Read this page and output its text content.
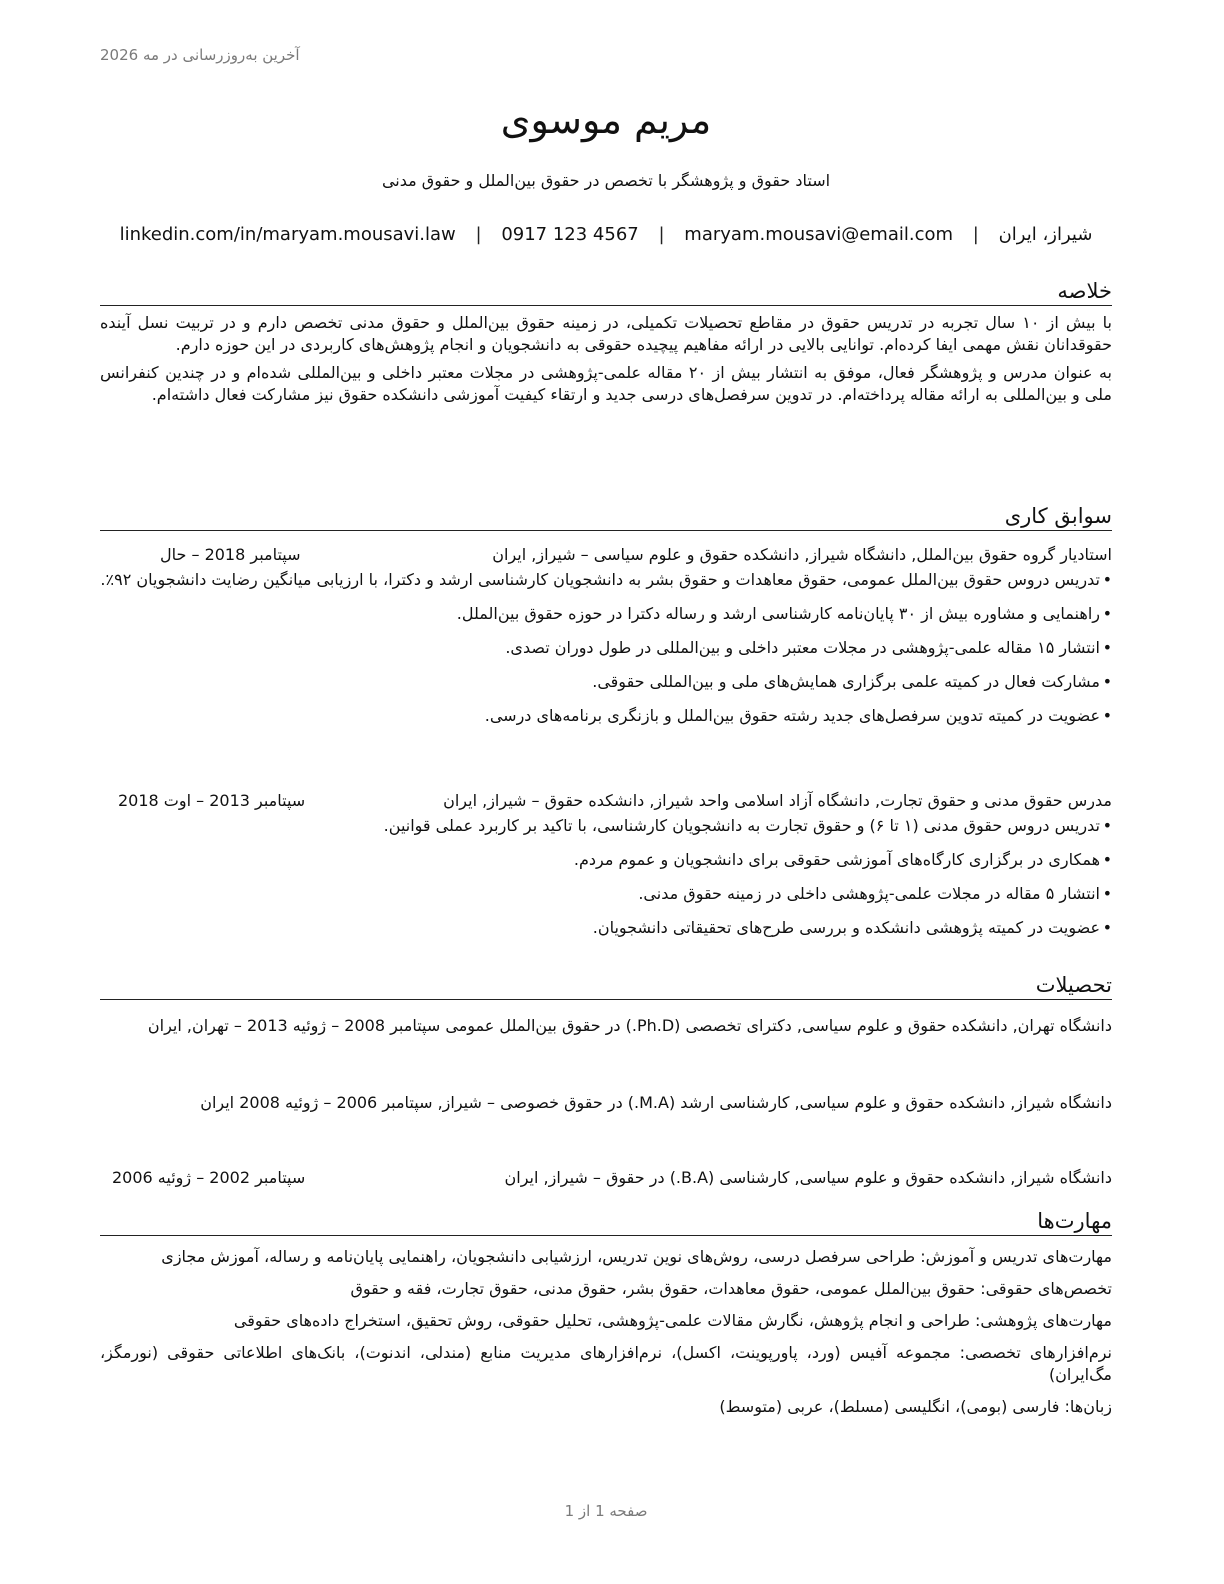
آخرین به‌روزرسانی در مه 2026
مریم موسوی
استاد حقوق و پژوهشگر با تخصص در حقوق بین‌الملل و حقوق مدنی
شیراز، ایران | maryam.mousavi@email.com | 0917 123 4567 | linkedin.com/in/maryam.mousavi.law
خلاصه
با بیش از ۱۰ سال تجربه در تدریس حقوق در مقاطع تحصیلات تکمیلی، در زمینه حقوق بین‌الملل و حقوق مدنی تخصص دارم و در تربیت نسل آینده حقوقدانان نقش مهمی ایفا کرده‌ام. توانایی بالایی در ارائه مفاهیم پیچیده حقوقی به دانشجویان و انجام پژوهش‌های کاربردی در این حوزه دارم.
به عنوان مدرس و پژوهشگر فعال، موفق به انتشار بیش از ۲۰ مقاله علمی-پژوهشی در مجلات معتبر داخلی و بین‌المللی شده‌ام و در چندین کنفرانس ملی و بین‌المللی به ارائه مقاله پرداخته‌ام. در تدوین سرفصل‌های درسی جدید و ارتقاء کیفیت آموزشی دانشکده حقوق نیز مشارکت فعال داشته‌ام.
سوابق کاری
استادیار گروه حقوق بین‌الملل, دانشگاه شیراز, دانشکده حقوق و علوم سیاسی – شیراز, ایران
سپتامبر 2018 – حال
• تدریس دروس حقوق بین‌الملل عمومی، حقوق معاهدات و حقوق بشر به دانشجویان کارشناسی ارشد و دکترا، با ارزیابی میانگین رضایت دانشجویان ۹۲٪.
• راهنمایی و مشاوره بیش از ۳۰ پایان‌نامه کارشناسی ارشد و رساله دکترا در حوزه حقوق بین‌الملل.
• انتشار ۱۵ مقاله علمی-پژوهشی در مجلات معتبر داخلی و بین‌المللی در طول دوران تصدی.
• مشارکت فعال در کمیته علمی برگزاری همایش‌های ملی و بین‌المللی حقوقی.
• عضویت در کمیته تدوین سرفصل‌های جدید رشته حقوق بین‌الملل و بازنگری برنامه‌های درسی.
مدرس حقوق مدنی و حقوق تجارت, دانشگاه آزاد اسلامی واحد شیراز, دانشکده حقوق – شیراز, ایران
سپتامبر 2013 – اوت 2018
• تدریس دروس حقوق مدنی (۱ تا ۶) و حقوق تجارت به دانشجویان کارشناسی، با تاکید بر کاربرد عملی قوانین.
• همکاری در برگزاری کارگاه‌های آموزشی حقوقی برای دانشجویان و عموم مردم.
• انتشار ۵ مقاله در مجلات علمی-پژوهشی داخلی در زمینه حقوق مدنی.
• عضویت در کمیته پژوهشی دانشکده و بررسی طرح‌های تحقیقاتی دانشجویان.
تحصیلات
دانشگاه تهران, دانشکده حقوق و علوم سیاسی, دکترای تخصصی (Ph.D.) در حقوق بین‌الملل عمومی سپتامبر 2008 – ژوئیه 2013 – تهران, ایران
دانشگاه شیراز, دانشکده حقوق و علوم سیاسی, کارشناسی ارشد (M.A.) در حقوق خصوصی – شیراز, سپتامبر 2006 – ژوئیه 2008 ایران
دانشگاه شیراز, دانشکده حقوق و علوم سیاسی, کارشناسی (B.A.) در حقوق – شیراز, ایران
سپتامبر 2002 – ژوئیه 2006
مهارت‌ها
مهارت‌های تدریس و آموزش: طراحی سرفصل درسی، روش‌های نوین تدریس، ارزشیابی دانشجویان، راهنمایی پایان‌نامه و رساله، آموزش مجازی
تخصص‌های حقوقی: حقوق بین‌الملل عمومی، حقوق معاهدات، حقوق بشر، حقوق مدنی، حقوق تجارت، فقه و حقوق
مهارت‌های پژوهشی: طراحی و انجام پژوهش، نگارش مقالات علمی-پژوهشی، تحلیل حقوقی، روش تحقیق، استخراج داده‌های حقوقی
نرم‌افزارهای تخصصی: مجموعه آفیس (ورد، پاورپوینت، اکسل)، نرم‌افزارهای مدیریت منابع (مندلی، اندنوت)، بانک‌های اطلاعاتی حقوقی (نورمگز، مگ‌ایران)
زبان‌ها: فارسی (بومی)، انگلیسی (مسلط)، عربی (متوسط)
صفحه 1 از 1
